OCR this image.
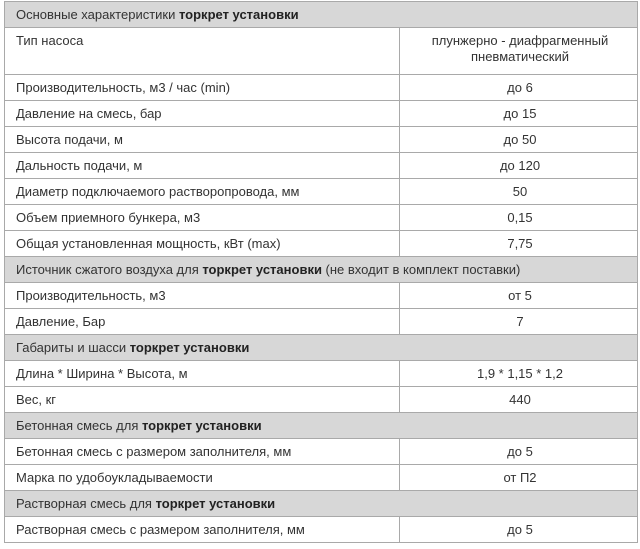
Основные характеристики торкрет установки	
Тип насоса	плунжерно - диафрагменный пневматический
Производительность, м3 / час (min)	до 6
Давление на смесь, бар	до 15
Высота подачи, м	до 50
Дальность подачи, м	до 120
Диаметр подключаемого растворопровода, мм	50
Объем приемного бункера, м3	0,15
Общая установленная мощность, кВт (max)	7,75
Источник сжатого воздуха для торкрет установки (не входит в комплект поставки)	
Производительность, м3	от 5
Давление, Бар	7
Габариты и шасси торкрет установки	
Длина * Ширина * Высота, м	1,9 * 1,15 * 1,2
Вес, кг	440
Бетонная смесь для торкрет установки	
Бетонная смесь с размером заполнителя, мм	до 5
Марка по удобоукладываемости	от П2
Растворная смесь для торкрет установки	
Растворная смесь с размером заполнителя, мм	до 5
